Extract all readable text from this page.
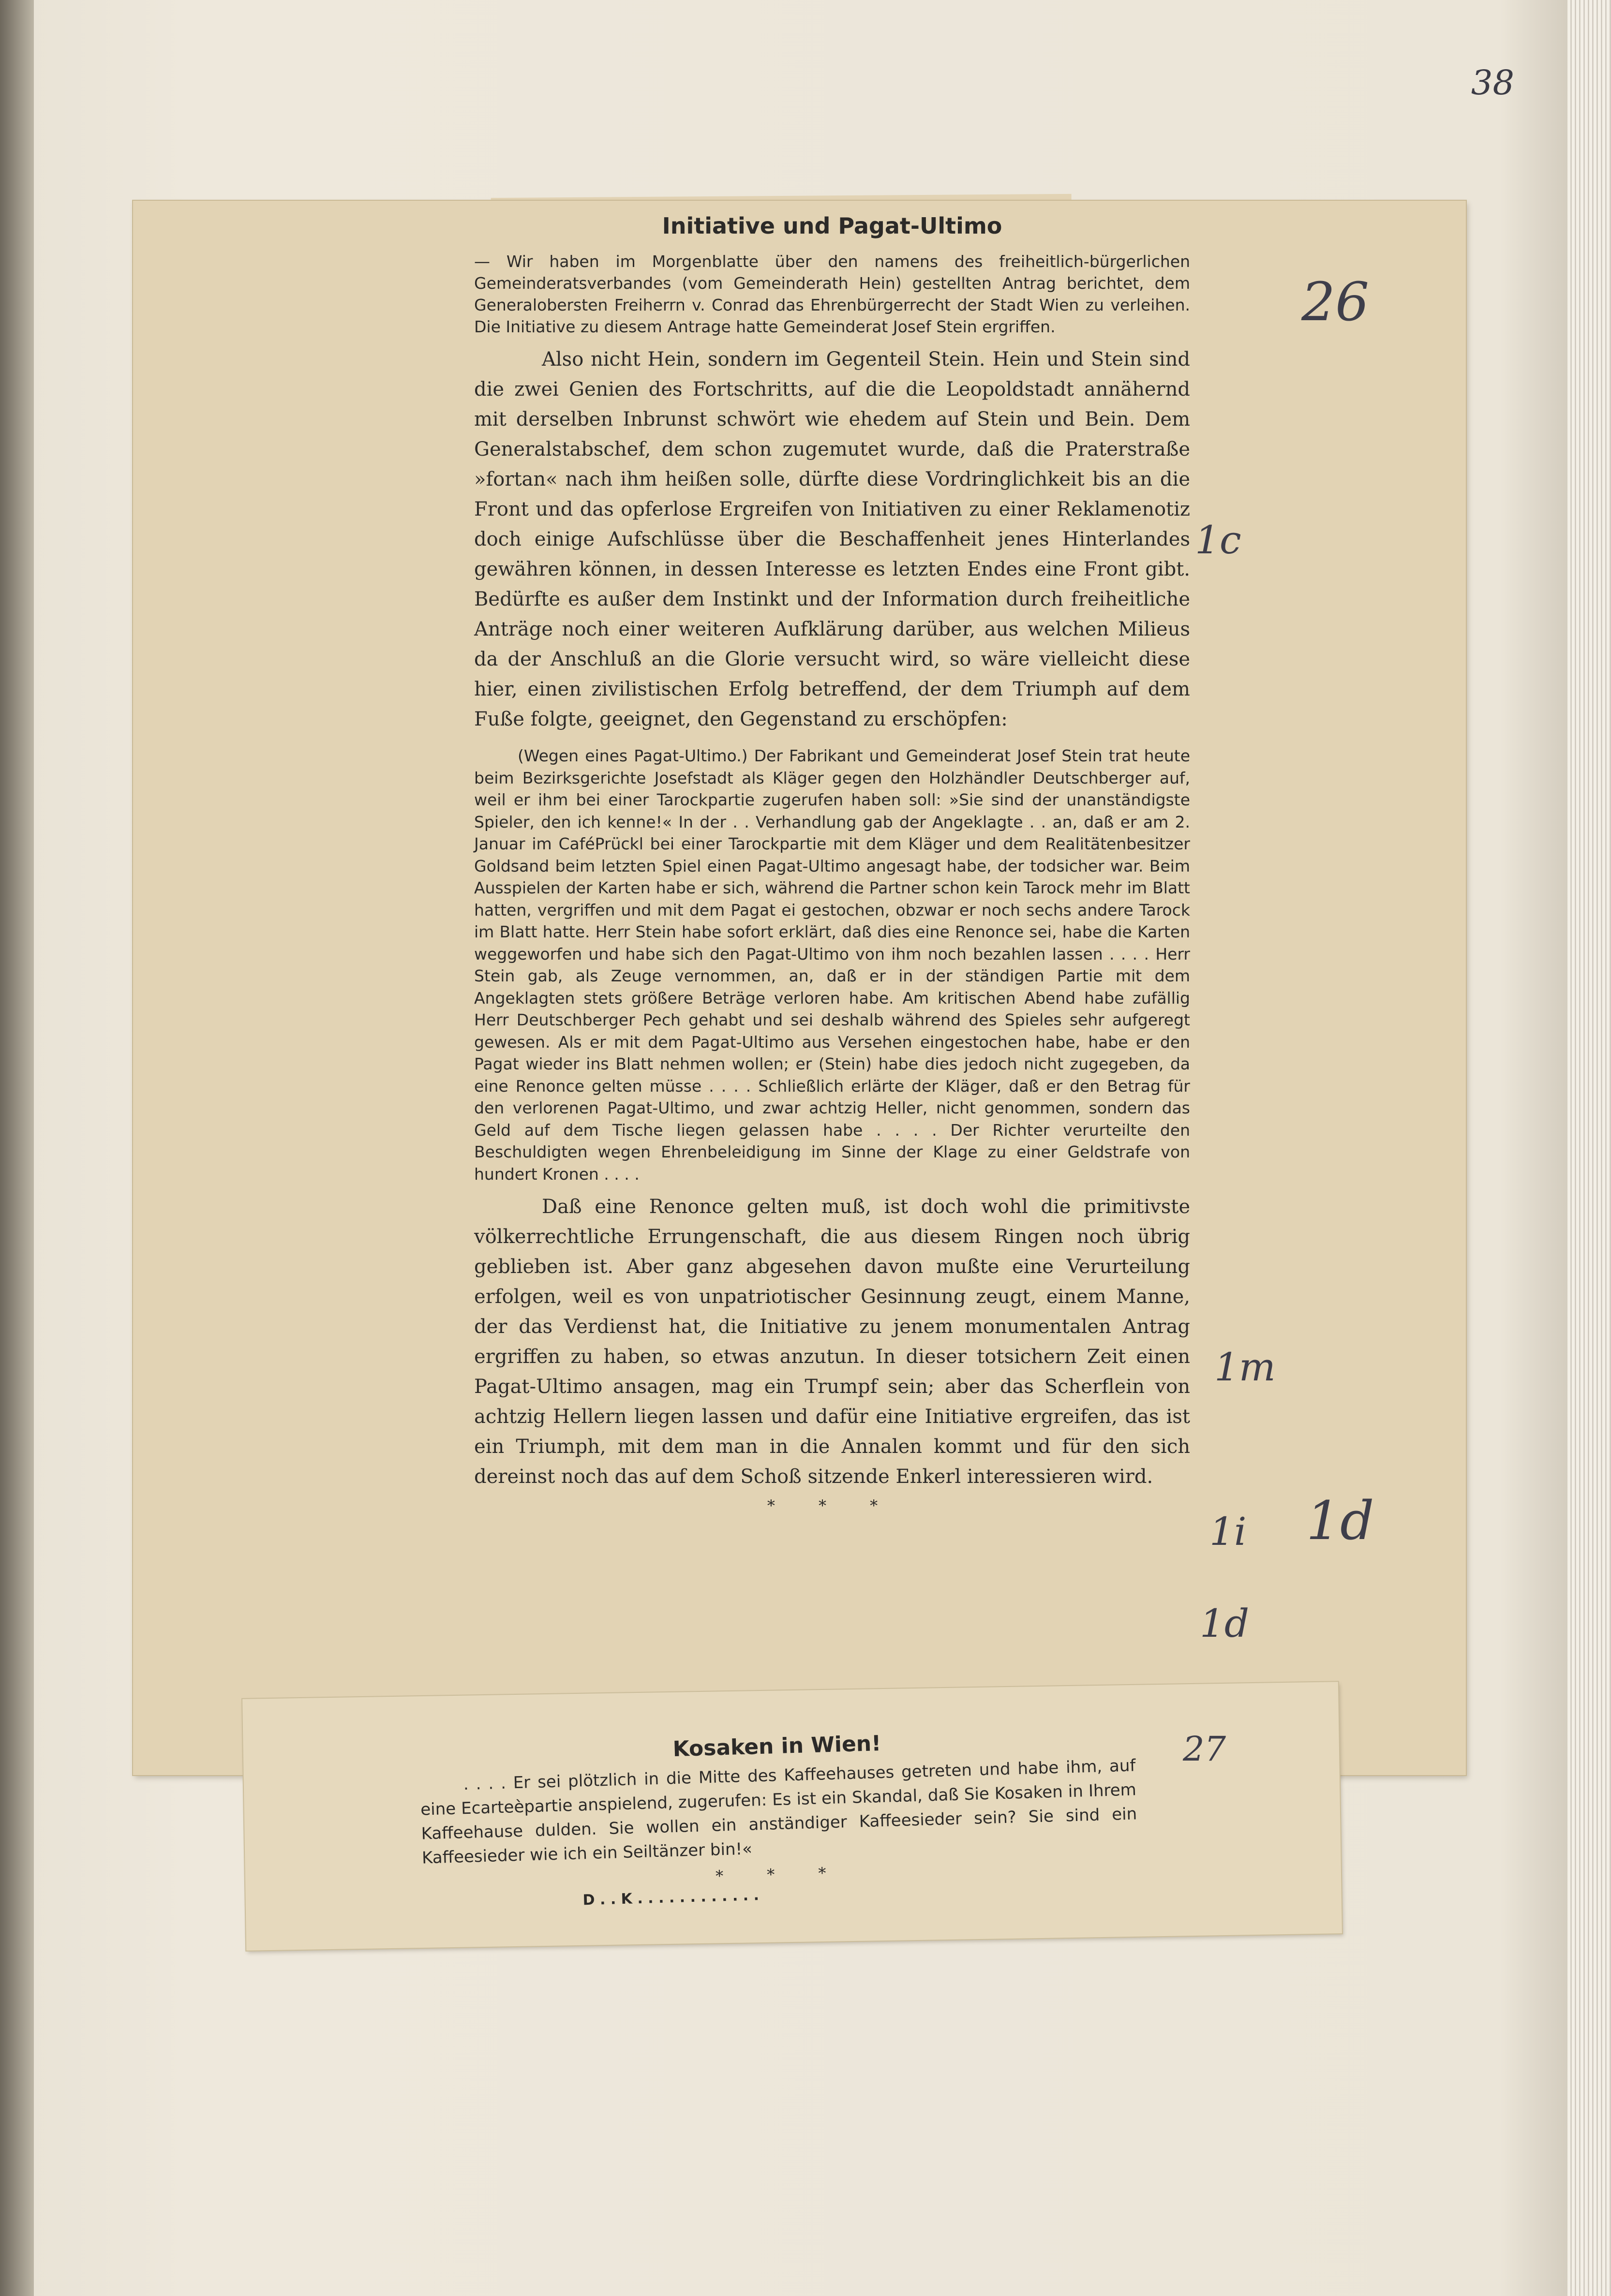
38
Initiative und Pagat-Ultimo

— Wir haben im Morgenblatte über den namens des freiheitlich-bürgerlichen Gemeinderatsverbandes (vom Gemeinderath Hein) gestellten Antrag berichtet, dem Generalobersten Freiherrn v. Conrad das Ehrenbürgerrecht der Stadt Wien zu verleihen. Die Initiative zu diesem Antrage hatte Gemeinderat Josef Stein ergriffen.

Also nicht Hein, sondern im Gegenteil Stein. Hein und Stein sind die zwei Genien des Fortschritts, auf die die Leopoldstadt annähernd mit derselben Inbrunst schwört wie ehedem auf Stein und Bein. Dem Generalstabschef, dem schon zugemutet wurde, daß die Praterstraße »fortan« nach ihm heißen solle, dürfte diese Vordringlichkeit bis an die Front und das opferlose Ergreifen von Initiativen zu einer Reklamenotiz doch einige Aufschlüsse über die Beschaffenheit jenes Hinterlandes gewähren können, in dessen Interesse es letzten Endes eine Front gibt. Bedürfte es außer dem Instinkt und der Information durch freiheitliche Anträge noch einer weiteren Aufklärung darüber, aus welchen Milieus da der Anschluß an die Glorie versucht wird, so wäre vielleicht diese hier, einen zivilistischen Erfolg betreffend, der dem Triumph auf dem Fuße folgte, geeignet, den Gegenstand zu erschöpfen:

(Wegen eines Pagat-Ultimo.) Der Fabrikant und Gemeinderat Josef Stein trat heute beim Bezirksgerichte Josefstadt als Kläger gegen den Holzhändler Deutschberger auf, weil er ihm bei einer Tarockpartie zugerufen haben soll: »Sie sind der unanständigste Spieler, den ich kenne!« In der . . Verhandlung gab der Angeklagte . . an, daß er am 2. Januar im CaféPrückl bei einer Tarockpartie mit dem Kläger und dem Realitätenbesitzer Goldsand beim letzten Spiel einen Pagat-Ultimo angesagt habe, der todsicher war. Beim Ausspielen der Karten habe er sich, während die Partner schon kein Tarock mehr im Blatt hatten, vergriffen und mit dem Pagat ei gestochen, obzwar er noch sechs andere Tarock im Blatt hatte. Herr Stein habe sofort erklärt, daß dies eine Renonce sei, habe die Karten weggeworfen und habe sich den Pagat-Ultimo von ihm noch bezahlen lassen . . . . Herr Stein gab, als Zeuge vernommen, an, daß er in der ständigen Partie mit dem Angeklagten stets größere Beträge verloren habe. Am kritischen Abend habe zufällig Herr Deutschberger Pech gehabt und sei deshalb während des Spieles sehr aufgeregt gewesen. Als er mit dem Pagat-Ultimo aus Versehen eingestochen habe, habe er den Pagat wieder ins Blatt nehmen wollen; er (Stein) habe dies jedoch nicht zugegeben, da eine Renonce gelten müsse . . . . Schließlich erlärte der Kläger, daß er den Betrag für den verlorenen Pagat-Ultimo, und zwar achtzig Heller, nicht genommen, sondern das Geld auf dem Tische liegen gelassen habe . . . . Der Richter verurteilte den Beschuldigten wegen Ehrenbeleidigung im Sinne der Klage zu einer Geldstrafe von hundert Kronen . . . .

Daß eine Renonce gelten muß, ist doch wohl die primitivste völkerrechtliche Errungenschaft, die aus diesem Ringen noch übrig geblieben ist. Aber ganz abgesehen davon mußte eine Verurteilung erfolgen, weil es von unpatriotischer Gesinnung zeugt, einem Manne, der das Verdienst hat, die Initiative zu jenem monumentalen Antrag ergriffen zu haben, so etwas anzutun. In dieser totsichern Zeit einen Pagat-Ultimo ansagen, mag ein Trumpf sein; aber das Scherflein von achtzig Hellern liegen lassen und dafür eine Initiative ergreifen, das ist ein Triumph, mit dem man in die Annalen kommt und für den sich dereinst noch das auf dem Schoß sitzende Enkerl interessieren wird.

* * *
Kosaken in Wien!

. . . . Er sei plötzlich in die Mitte des Kaffeehauses getreten und habe ihm, auf eine Ecarteèpartie anspielend, zugerufen: Es ist ein Skandal, daß Sie Kosaken in Ihrem Kaffeehause dulden. Sie wollen ein anständiger Kaffeesieder sein? Sie sind ein Kaffeesieder wie ich ein Seiltänzer bin!«

* * *
D . . K . . . . . . . . . . . .
26
1c
1m
1i 1d
1d
27
